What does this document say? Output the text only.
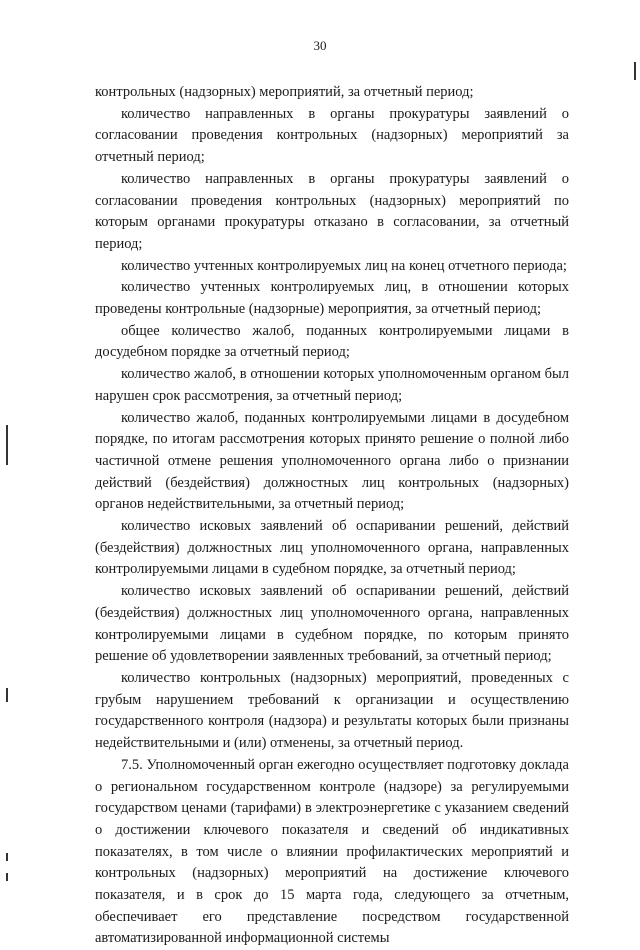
30

контрольных (надзорных) мероприятий, за отчетный период;

количество направленных в органы прокуратуры заявлений о согласовании проведения контрольных (надзорных) мероприятий за отчетный период;

количество направленных в органы прокуратуры заявлений о согласовании проведения контрольных (надзорных) мероприятий по которым органами прокуратуры отказано в согласовании, за отчетный период;

количество учтенных контролируемых лиц на конец отчетного периода;

количество учтенных контролируемых лиц, в отношении которых проведены контрольные (надзорные) мероприятия, за отчетный период;

общее количество жалоб, поданных контролируемыми лицами в досудебном порядке за отчетный период;

количество жалоб, в отношении которых уполномоченным органом был нарушен срок рассмотрения, за отчетный период;

количество жалоб, поданных контролируемыми лицами в досудебном порядке, по итогам рассмотрения которых принято решение о полной либо частичной отмене решения уполномоченного органа либо о признании действий (бездействия) должностных лиц контрольных (надзорных) органов недействительными, за отчетный период;

количество исковых заявлений об оспаривании решений, действий (бездействия) должностных лиц уполномоченного органа, направленных контролируемыми лицами в судебном порядке, за отчетный период;

количество исковых заявлений об оспаривании решений, действий (бездействия) должностных лиц уполномоченного органа, направленных контролируемыми лицами в судебном порядке, по которым принято решение об удовлетворении заявленных требований, за отчетный период;

количество контрольных (надзорных) мероприятий, проведенных с грубым нарушением требований к организации и осуществлению государственного контроля (надзора) и результаты которых были признаны недействительными и (или) отменены, за отчетный период.

7.5. Уполномоченный орган ежегодно осуществляет подготовку доклада о региональном государственном контроле (надзоре) за регулируемыми государством ценами (тарифами) в электроэнергетике с указанием сведений о достижении ключевого показателя и сведений об индикативных показателях, в том числе о влиянии профилактических мероприятий и контрольных (надзорных) мероприятий на достижение ключевого показателя, и в срок до 15 марта года, следующего за отчетным, обеспечивает его представление посредством государственной автоматизированной информационной системы
